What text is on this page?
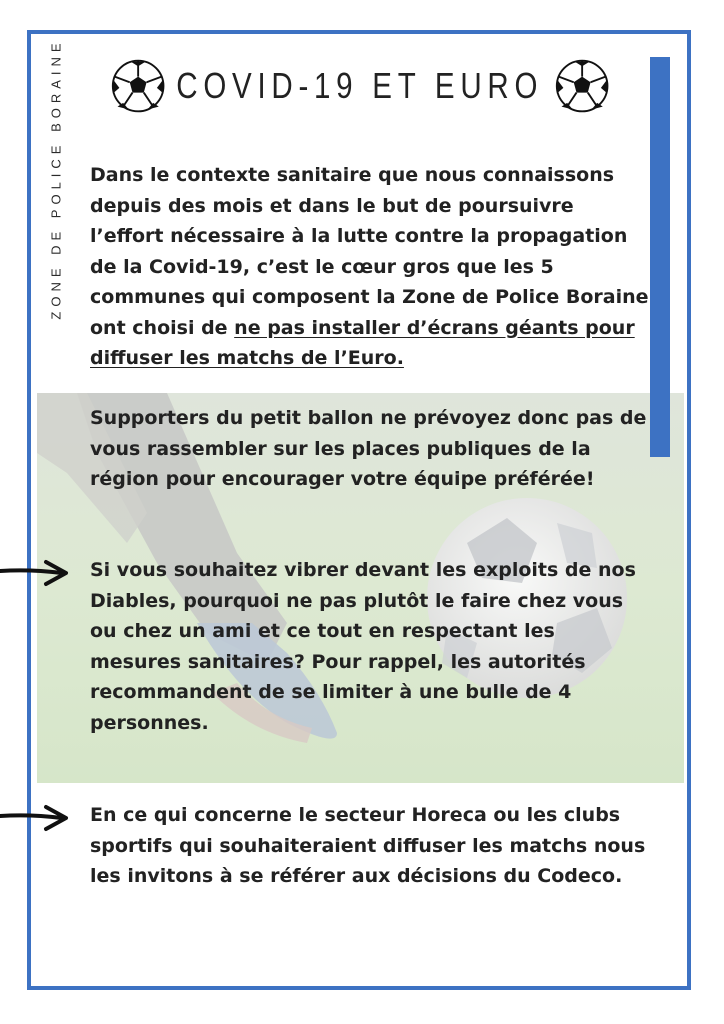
ZONE DE POLICE BORAINE	COVID-19 ET EURO

Dans le contexte sanitaire que nous connaissons depuis des mois et dans le but de poursuivre l’effort nécessaire à la lutte contre la propagation de la Covid-19, c’est le cœur gros que les 5 communes qui composent la Zone de Police Boraine ont choisi de ne pas installer d’écrans géants pour diffuser les matchs de l’Euro.

Supporters du petit ballon ne prévoyez donc pas de vous rassembler sur les places publiques de la région pour encourager votre équipe préférée!

Si vous souhaitez vibrer devant les exploits de nos Diables, pourquoi ne pas plutôt le faire chez vous ou chez un ami et ce tout en respectant les mesures sanitaires? Pour rappel, les autorités recommandent de se limiter à une bulle de 4 personnes.

En ce qui concerne le secteur Horeca ou les clubs sportifs qui souhaiteraient diffuser les matchs nous les invitons à se référer aux décisions du Codeco.
